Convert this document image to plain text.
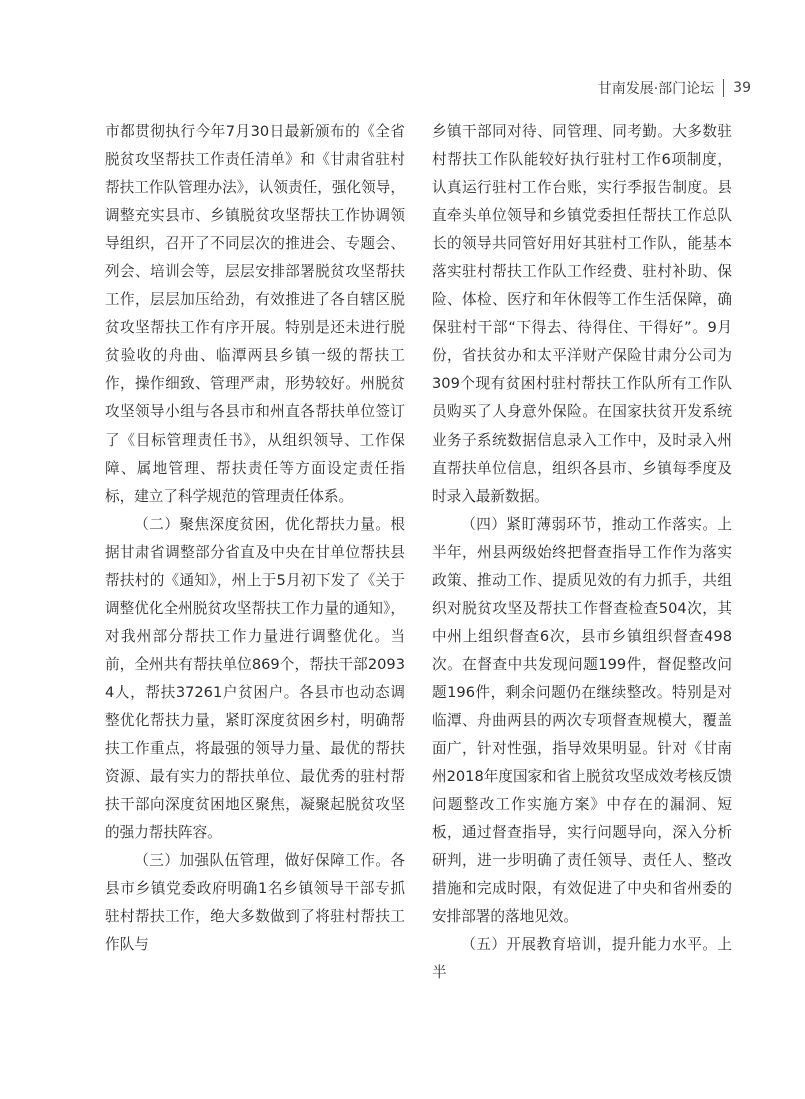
甘南发展·部门论坛 39

市都贯彻执行今年7月30日最新颁布的《全省脱贫攻坚帮扶工作责任清单》和《甘肃省驻村帮扶工作队管理办法》，认领责任，强化领导，调整充实县市、乡镇脱贫攻坚帮扶工作协调领导组织，召开了不同层次的推进会、专题会、列会、培训会等，层层安排部署脱贫攻坚帮扶工作，层层加压给劲，有效推进了各自辖区脱贫攻坚帮扶工作有序开展。特别是还未进行脱贫验收的舟曲、临潭两县乡镇一级的帮扶工作，操作细致、管理严肃，形势较好。州脱贫攻坚领导小组与各县市和州直各帮扶单位签订了《目标管理责任书》，从组织领导、工作保障、属地管理、帮扶责任等方面设定责任指标，建立了科学规范的管理责任体系。

（二）聚焦深度贫困，优化帮扶力量。根据甘肃省调整部分省直及中央在甘单位帮扶县帮扶村的《通知》，州上于5月初下发了《关于调整优化全州脱贫攻坚帮扶工作力量的通知》，对我州部分帮扶工作力量进行调整优化。当前，全州共有帮扶单位869个，帮扶干部20934人，帮扶37261户贫困户。各县市也动态调整优化帮扶力量，紧盯深度贫困乡村，明确帮扶工作重点，将最强的领导力量、最优的帮扶资源、最有实力的帮扶单位、最优秀的驻村帮扶干部向深度贫困地区聚焦，凝聚起脱贫攻坚的强力帮扶阵容。

（三）加强队伍管理，做好保障工作。各县市乡镇党委政府明确1名乡镇领导干部专抓驻村帮扶工作，绝大多数做到了将驻村帮扶工作队与

乡镇干部同对待、同管理、同考勤。大多数驻村帮扶工作队能较好执行驻村工作6项制度，认真运行驻村工作台账，实行季报告制度。县直牵头单位领导和乡镇党委担任帮扶工作总队长的领导共同管好用好其驻村工作队，能基本落实驻村帮扶工作队工作经费、驻村补助、保险、体检、医疗和年休假等工作生活保障，确保驻村干部“下得去、待得住、干得好”。9月份，省扶贫办和太平洋财产保险甘肃分公司为309个现有贫困村驻村帮扶工作队所有工作队员购买了人身意外保险。在国家扶贫开发系统业务子系统数据信息录入工作中，及时录入州直帮扶单位信息，组织各县市、乡镇每季度及时录入最新数据。

（四）紧盯薄弱环节，推动工作落实。上半年，州县两级始终把督查指导工作作为落实政策、推动工作、提质见效的有力抓手，共组织对脱贫攻坚及帮扶工作督查检查504次，其中州上组织督查6次，县市乡镇组织督查498次。在督查中共发现问题199件，督促整改问题196件，剩余问题仍在继续整改。特别是对临潭、舟曲两县的两次专项督查规模大，覆盖面广，针对性强，指导效果明显。针对《甘南州2018年度国家和省上脱贫攻坚成效考核反馈问题整改工作实施方案》中存在的漏洞、短板，通过督查指导，实行问题导向，深入分析研判，进一步明确了责任领导、责任人、整改措施和完成时限，有效促进了中央和省州委的安排部署的落地见效。

（五）开展教育培训，提升能力水平。上半
